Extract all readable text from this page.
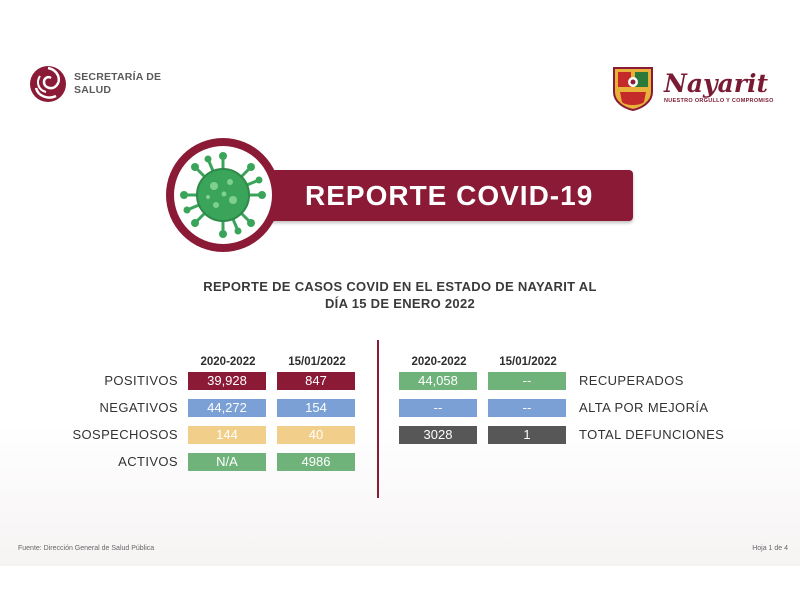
SECRETARÍA DE
SALUD	Nayarit
NUESTRO ORGULLO Y COMPROMISO
REPORTE COVID-19
REPORTE DE CASOS COVID EN EL ESTADO DE NAYARIT AL
DÍA 15 DE ENERO 2022
2020-2022	15/01/2022
POSITIVOS	39,928	847
NEGATIVOS	44,272	154
SOSPECHOSOS	144	40
ACTIVOS	N/A	4986
2020-2022	15/01/2022
44,058	--	RECUPERADOS
--	--	ALTA POR MEJORÍA
3028	1	TOTAL DEFUNCIONES
Fuente: Dirección General de Salud Pública	Hoja 1 de 4
